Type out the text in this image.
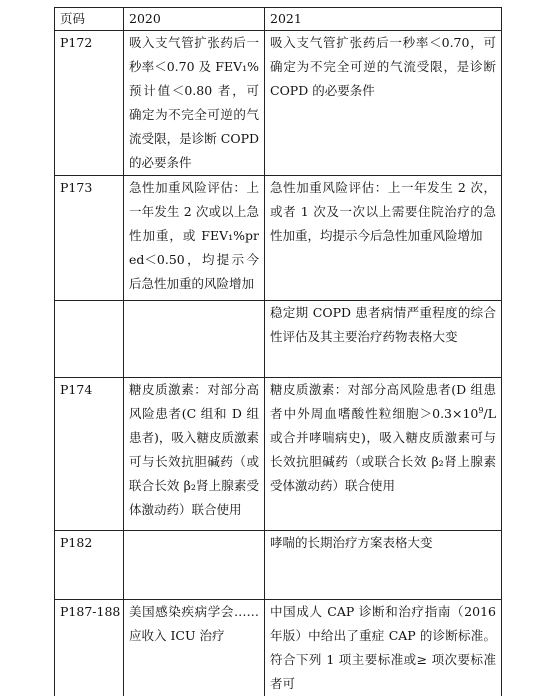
页码	2020	2021
P172	吸入支气管扩张药后一秒率＜0.70 及 FEV₁%预计值＜0.80 者，可确定为不完全可逆的气流受限，是诊断 COPD 的必要条件	吸入支气管扩张药后一秒率＜0.70，可确定为不完全可逆的气流受限，是诊断 COPD 的必要条件
P173	急性加重风险评估：上一年发生 2 次或以上急性加重，或 FEV₁%pred＜0.50，均提示今后急性加重的风险增加	急性加重风险评估：上一年发生 2 次，或者 1 次及一次以上需要住院治疗的急性加重，均提示今后急性加重风险增加
		稳定期 COPD 患者病情严重程度的综合性评估及其主要治疗药物表格大变
P174	糖皮质激素：对部分高风险患者(C 组和 D 组患者)，吸入糖皮质激素可与长效抗胆碱药（或联合长效 β₂肾上腺素受体激动药）联合使用	糖皮质激素：对部分高风险患者(D 组患者中外周血嗜酸性粒细胞$>0.3\times 10^9/L$ 或合并哮喘病史)，吸入糖皮质激素可与长效抗胆碱药（或联合长效 β₂肾上腺素受体激动药）联合使用
P182		哮喘的长期治疗方案表格大变
P187-188	美国感染疾病学会……应收入 ICU 治疗	中国成人 CAP 诊断和治疗指南（2016 年版）中给出了重症 CAP 的诊断标准。符合下列 1 项主要标准或≥ 项次要标准者可
